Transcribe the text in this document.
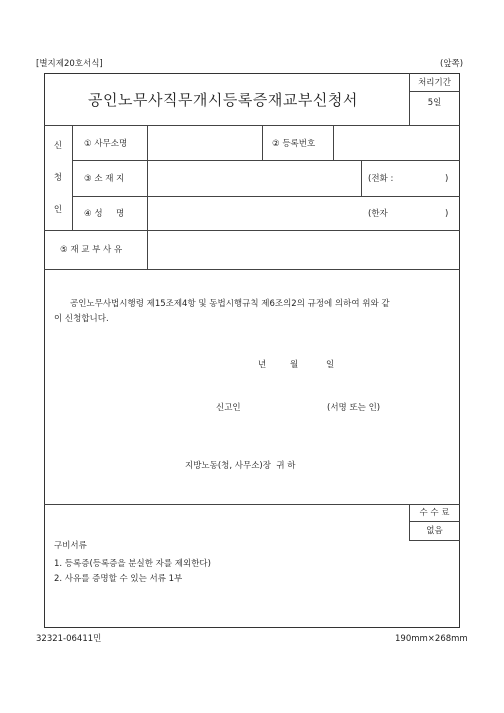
[별지제20호서식]	(앞쪽)
공인노무사직무개시등록증재교부신청서
처리기간
5일
신
청
인
① 사무소명	② 등록번호
③ 소 재 지	(전화 :	)
④ 성     명	(한자	)
⑤ 재 교 부 사 유
공인노무사법시행령 제15조제4항 및 동법시행규칙 제6조의2의 규정에 의하여 위와 같
이 신청합니다.
년	월	일
신고인	(서명 또는 인)
지방노동(청, 사무소)장  귀 하
수 수 료
없음
구비서류
1. 등록증(등록증을 분실한 자를 제외한다)
2. 사유를 증명할 수 있는 서류 1부
32321-06411민	190mm×268mm
